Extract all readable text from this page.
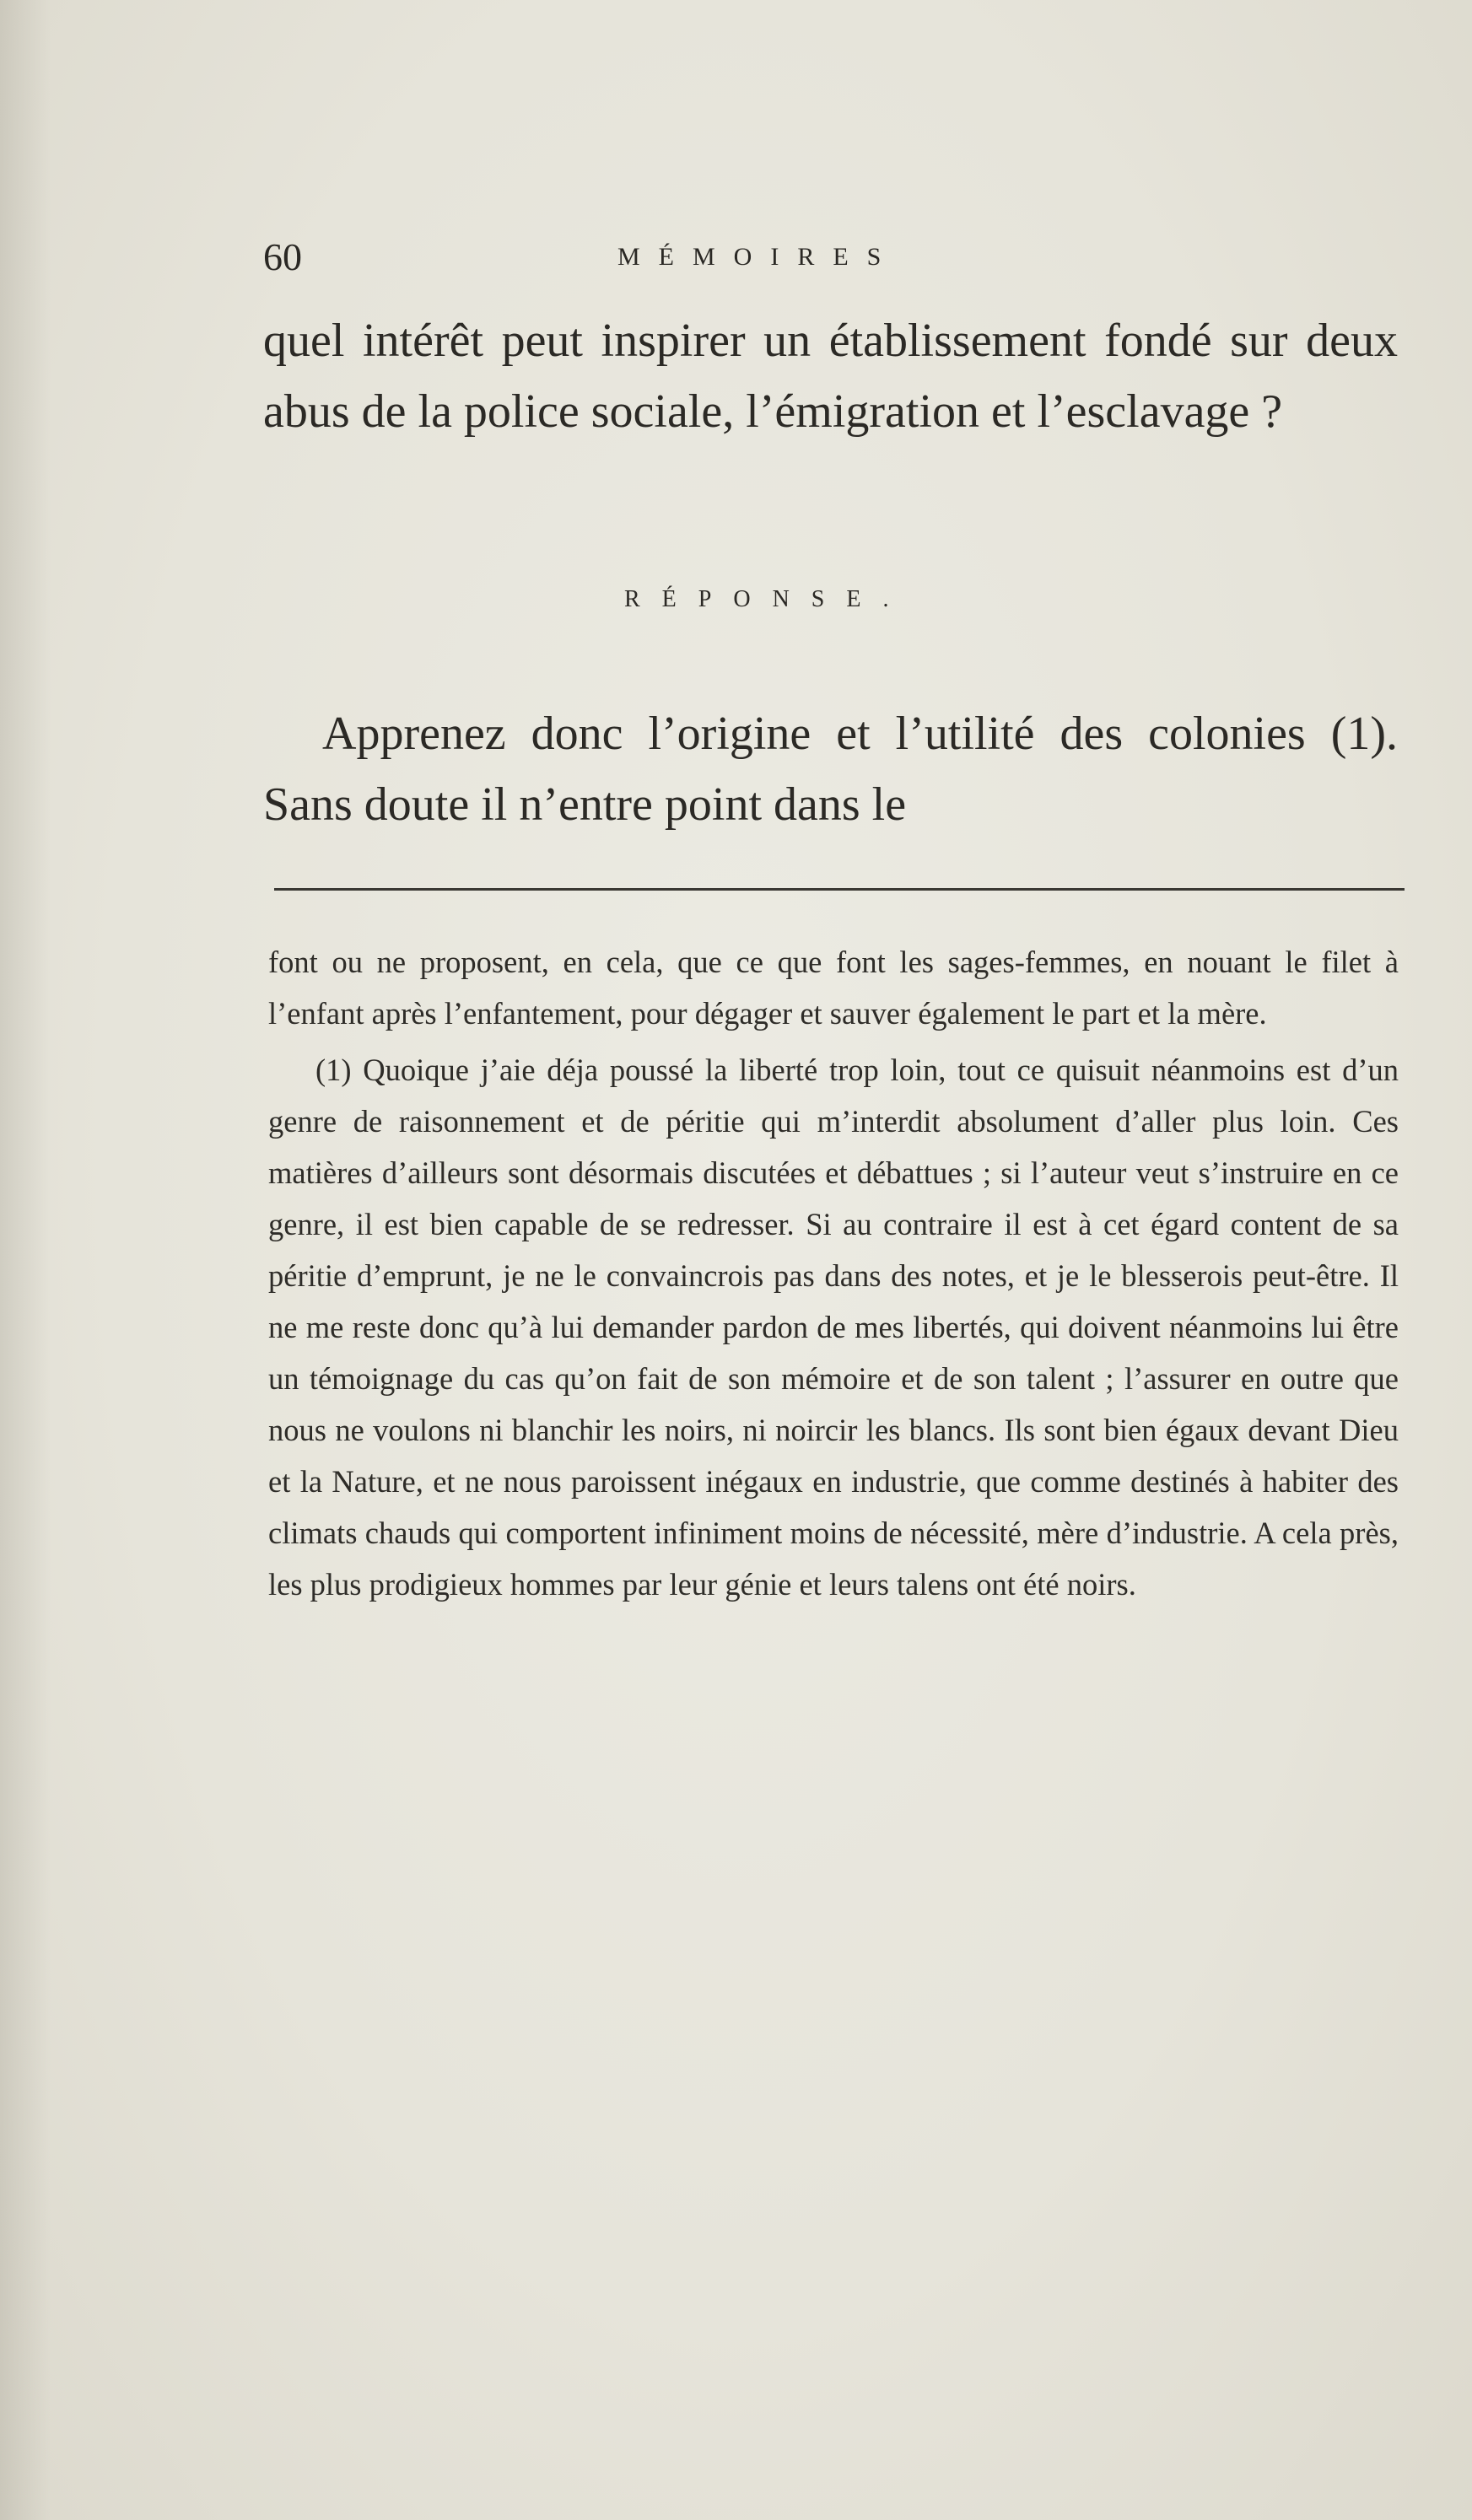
60	MÉMOIRES

quel intérêt peut inspirer un établissement fondé sur deux abus de la police sociale, l’émigration et l’esclavage ?

RÉPONSE.

Apprenez donc l’origine et l’utilité des colonies (1). Sans doute il n’entre point dans le

font ou ne proposent, en cela, que ce que font les sages-femmes, en nouant le filet à l’enfant après l’enfantement, pour dégager et sauver également le part et la mère.

(1) Quoique j’aie déja poussé la liberté trop loin, tout ce quisuit néanmoins est d’un genre de raisonnement et de péritie qui m’interdit absolument d’aller plus loin. Ces matières d’ailleurs sont désormais discutées et débattues ; si l’auteur veut s’instruire en ce genre, il est bien capable de se redresser. Si au contraire il est à cet égard content de sa péritie d’emprunt, je ne le convaincrois pas dans des notes, et je le blesserois peut-être. Il ne me reste donc qu’à lui demander pardon de mes libertés, qui doivent néanmoins lui être un témoignage du cas qu’on fait de son mémoire et de son talent ; l’assurer en outre que nous ne voulons ni blanchir les noirs, ni noircir les blancs. Ils sont bien égaux devant Dieu et la Nature, et ne nous paroissent inégaux en industrie, que comme destinés à habiter des climats chauds qui comportent infiniment moins de nécessité, mère d’industrie. A cela près, les plus prodigieux hommes par leur génie et leurs talens ont été noirs.
